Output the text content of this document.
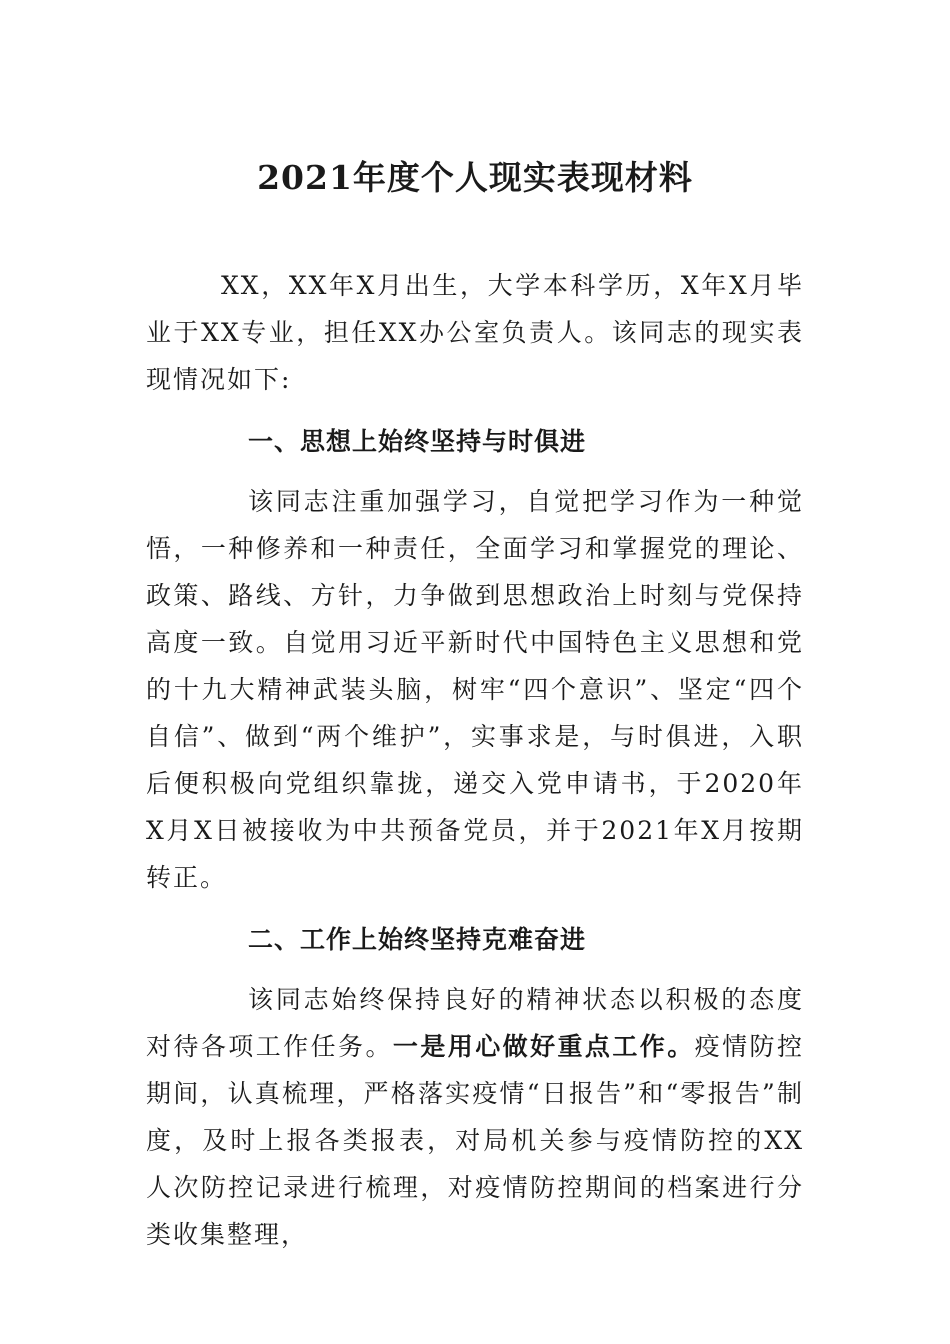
2021年度个人现实表现材料

XX，XX年X月出生，大学本科学历，X年X月毕业于XX专业，担任XX办公室负责人。该同志的现实表现情况如下:

一、思想上始终坚持与时俱进

该同志注重加强学习，自觉把学习作为一种觉悟，一种修养和一种责任，全面学习和掌握党的理论、政策、路线、方针，力争做到思想政治上时刻与党保持高度一致。自觉用习近平新时代中国特色主义思想和党的十九大精神武装头脑，树牢“四个意识”、坚定“四个自信”、做到“两个维护”，实事求是，与时俱进，入职后便积极向党组织靠拢，递交入党申请书，于2020年X月X日被接收为中共预备党员，并于2021年X月按期转正。

二、工作上始终坚持克难奋进

该同志始终保持良好的精神状态以积极的态度对待各项工作任务。一是用心做好重点工作。疫情防控期间，认真梳理，严格落实疫情“日报告”和“零报告”制度，及时上报各类报表，对局机关参与疫情防控的XX人次防控记录进行梳理，对疫情防控期间的档案进行分类收集整理，
